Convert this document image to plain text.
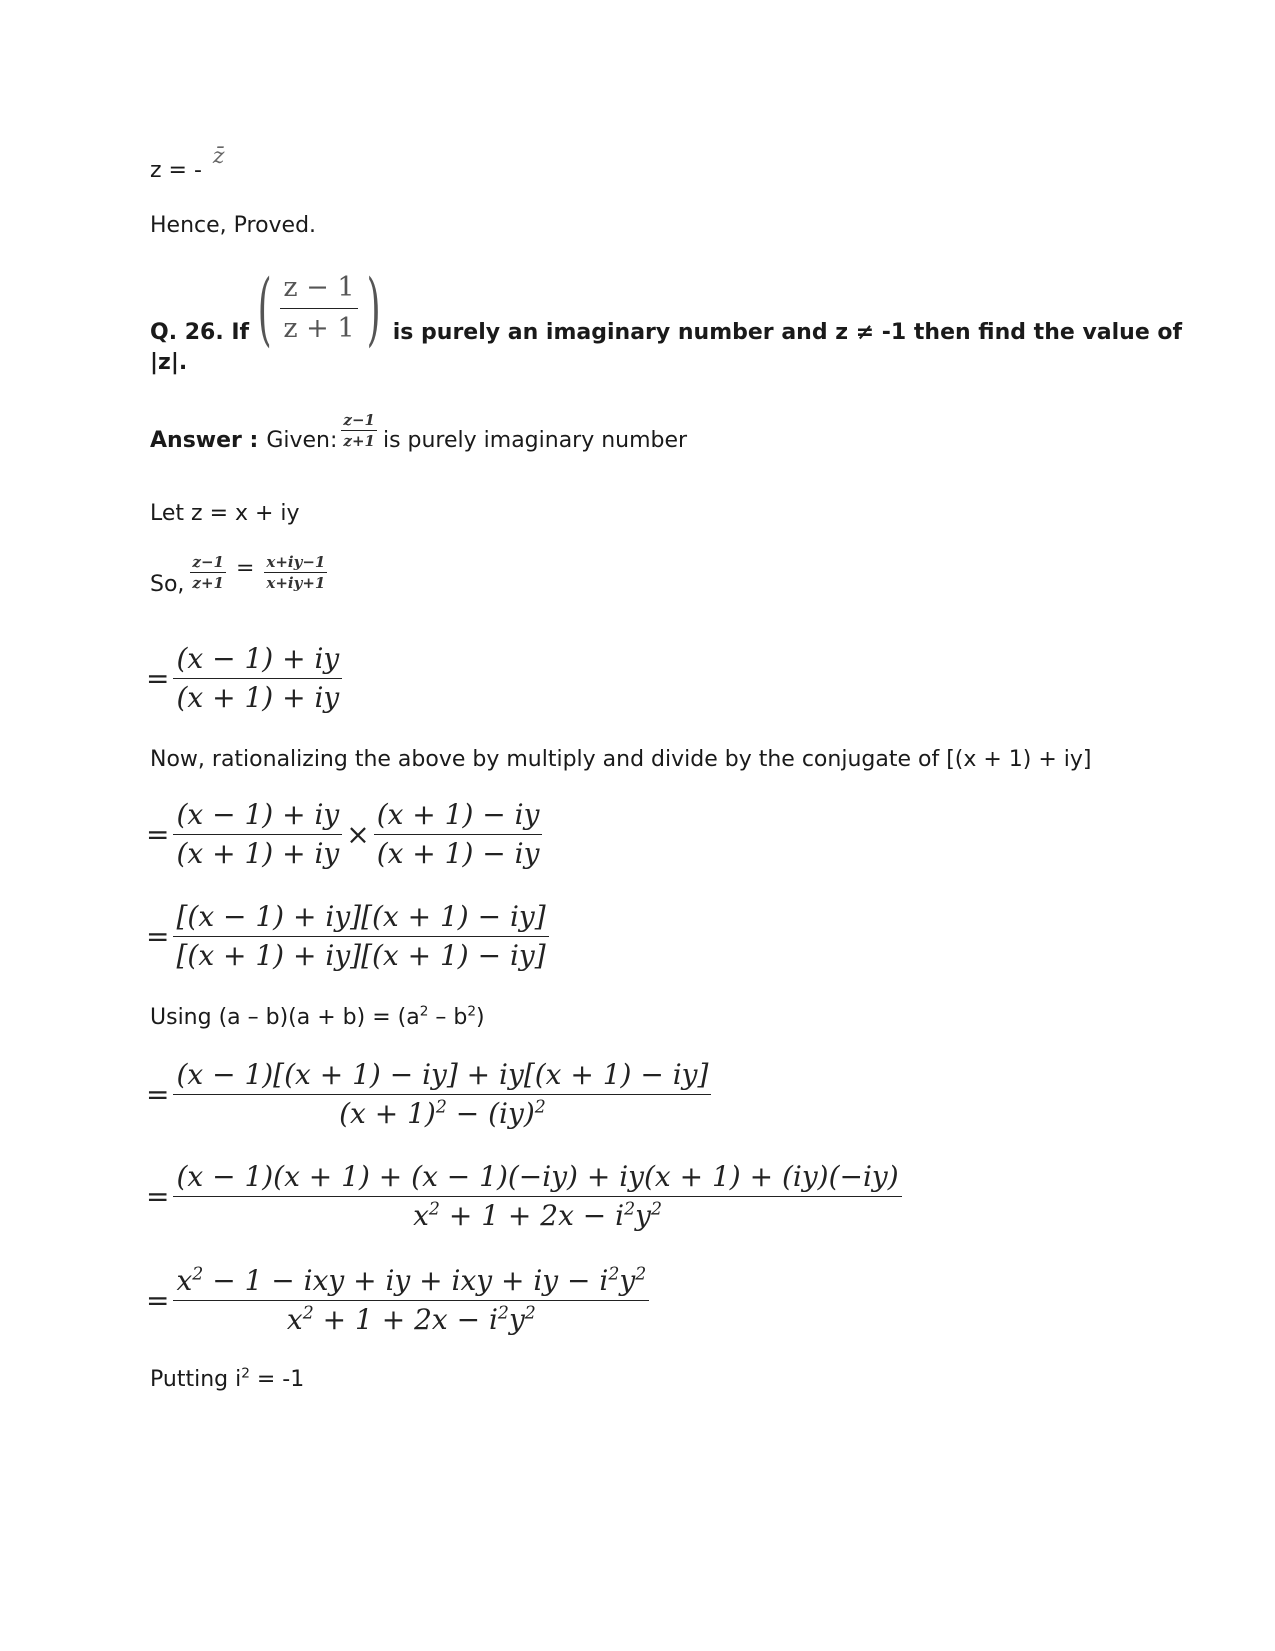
z = - z̄
Hence, Proved.
Q. 26. If ( $\frac{z - 1}{z + 1}$ ) is purely an imaginary number and z ≠ -1 then find the value of
|z|.
Answer : Given: $\frac{z-1}{z+1}$ is purely imaginary number
Let z = x + iy
So, $\frac{z-1}{z+1} = \frac{x+iy-1}{x+iy+1}$
= $\frac{(x - 1) + iy}{(x + 1) + iy}$
Now, rationalizing the above by multiply and divide by the conjugate of [(x + 1) + iy]
= $\frac{(x - 1) + iy}{(x + 1) + iy} \times \frac{(x + 1) - iy}{(x + 1) - iy}$
= $\frac{[(x - 1) + iy][(x + 1) - iy]}{[(x + 1) + iy][(x + 1) - iy]}$
Using $(a - b)(a + b) = (a^2 - b^2)$
= $\frac{(x - 1)[(x + 1) - iy] + iy[(x + 1) - iy]}{(x + 1)^2 - (iy)^2}$
= $\frac{(x - 1)(x + 1) + (x - 1)(-iy) + iy(x + 1) + (iy)(-iy)}{x^2 + 1 + 2x - i^2y^2}$
= $\frac{x^2 - 1 - ixy + iy + ixy + iy - i^2y^2}{x^2 + 1 + 2x - i^2y^2}$
Putting $i^2 = -1$
